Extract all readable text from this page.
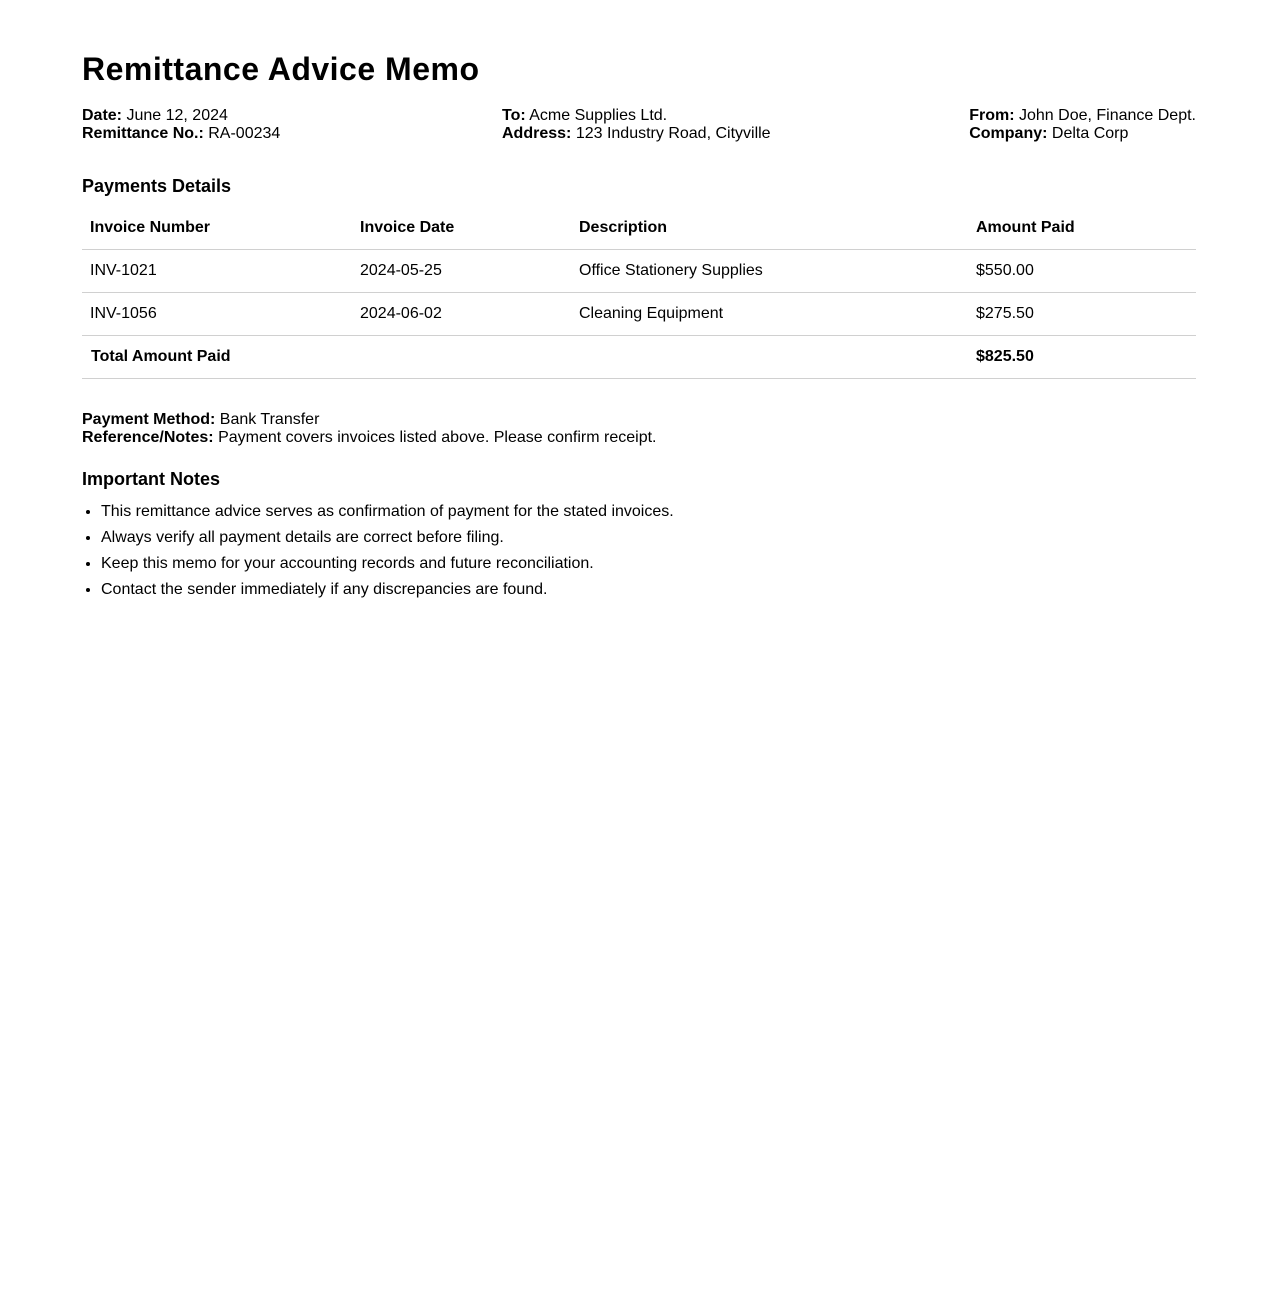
Remittance Advice Memo
Date: June 12, 2024
Remittance No.: RA-00234
To: Acme Supplies Ltd.
Address: 123 Industry Road, Cityville
From: John Doe, Finance Dept.
Company: Delta Corp
Payments Details
Invoice Number	Invoice Date	Description	Amount Paid
INV-1021	2024-05-25	Office Stationery Supplies	$550.00
INV-1056	2024-06-02	Cleaning Equipment	$275.50
Total Amount Paid			$825.50
Payment Method: Bank Transfer
Reference/Notes: Payment covers invoices listed above. Please confirm receipt.
Important Notes
• This remittance advice serves as confirmation of payment for the stated invoices.
• Always verify all payment details are correct before filing.
• Keep this memo for your accounting records and future reconciliation.
• Contact the sender immediately if any discrepancies are found.
